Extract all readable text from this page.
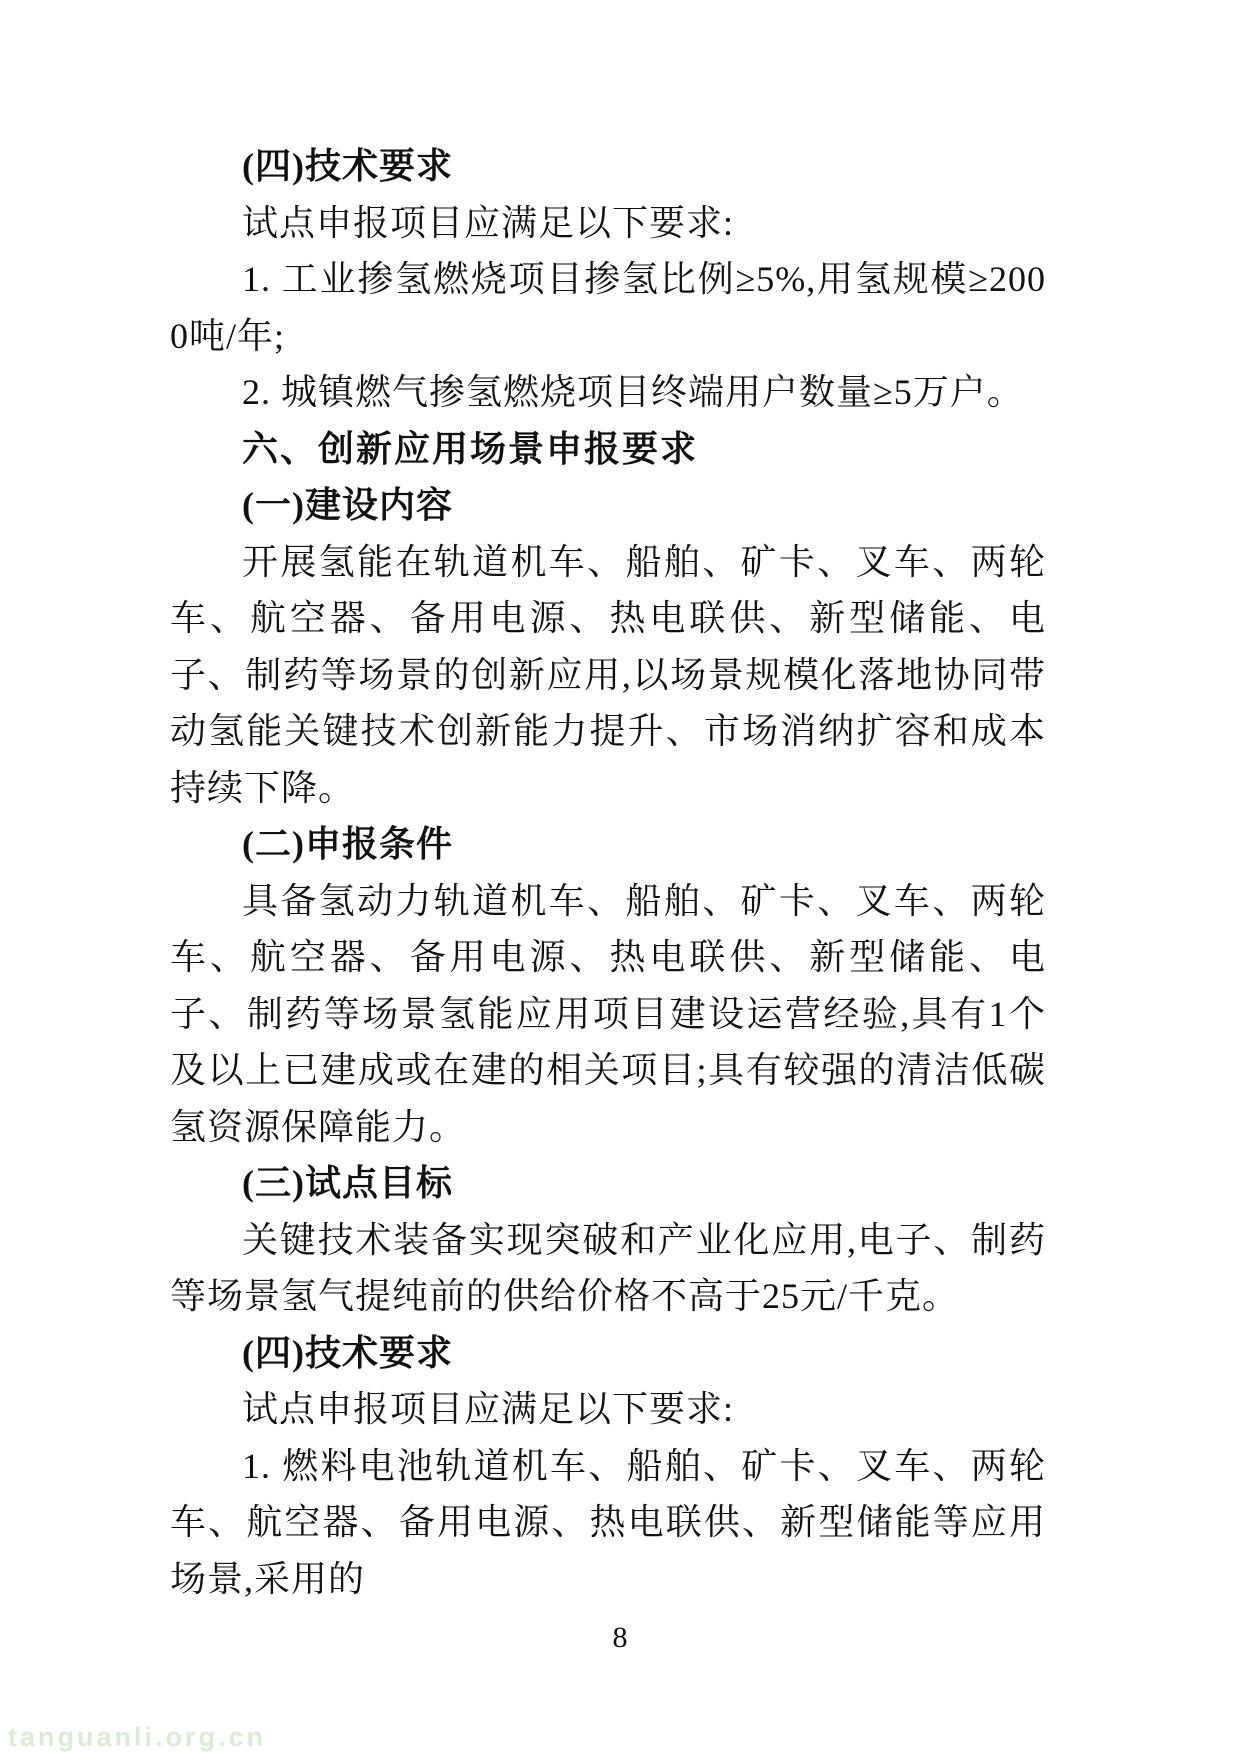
(四)技术要求

试点申报项目应满足以下要求:

1. 工业掺氢燃烧项目掺氢比例≥5%,用氢规模≥2000吨/年;

2. 城镇燃气掺氢燃烧项目终端用户数量≥5万户。

六、创新应用场景申报要求

(一)建设内容

开展氢能在轨道机车、船舶、矿卡、叉车、两轮车、航空器、备用电源、热电联供、新型储能、电子、制药等场景的创新应用,以场景规模化落地协同带动氢能关键技术创新能力提升、市场消纳扩容和成本持续下降。

(二)申报条件

具备氢动力轨道机车、船舶、矿卡、叉车、两轮车、航空器、备用电源、热电联供、新型储能、电子、制药等场景氢能应用项目建设运营经验,具有1个及以上已建成或在建的相关项目;具有较强的清洁低碳氢资源保障能力。

(三)试点目标

关键技术装备实现突破和产业化应用,电子、制药等场景氢气提纯前的供给价格不高于25元/千克。

(四)技术要求

试点申报项目应满足以下要求:

1. 燃料电池轨道机车、船舶、矿卡、叉车、两轮车、航空器、备用电源、热电联供、新型储能等应用场景,采用的

8
tanguanli.org.cn
